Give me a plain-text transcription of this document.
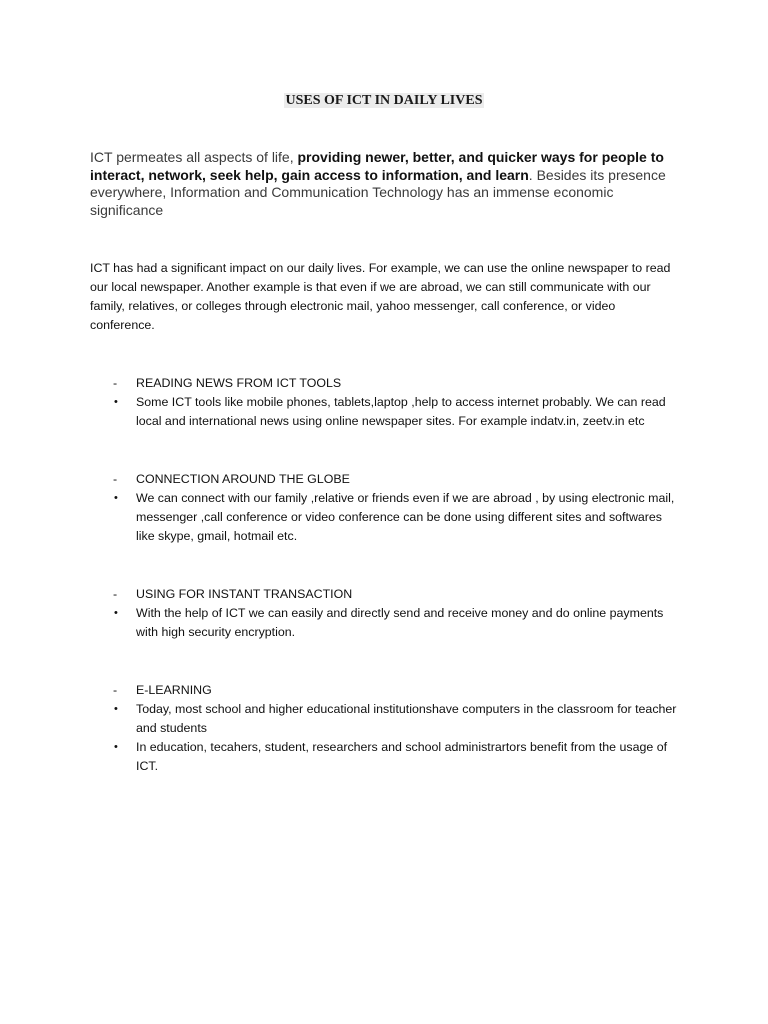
USES OF ICT IN DAILY LIVES
ICT permeates all aspects of life, providing newer, better, and quicker ways for people to interact, network, seek help, gain access to information, and learn. Besides its presence everywhere, Information and Communication Technology has an immense economic significance
ICT has had a significant impact on our daily lives. For example, we can use the online newspaper to read our local newspaper. Another example is that even if we are abroad, we can still communicate with our family, relatives, or colleges through electronic mail, yahoo messenger, call conference, or video conference.
- READING NEWS FROM ICT TOOLS
• Some ICT tools like mobile phones, tablets,laptop ,help to access internet probably. We can read local and international news using online newspaper sites. For example indatv.in, zeetv.in etc
- CONNECTION AROUND THE GLOBE
• We can connect with our family ,relative or friends even if we are abroad , by using electronic mail, messenger ,call conference or video conference can be done using different sites and softwares like skype, gmail, hotmail etc.
- USING FOR INSTANT TRANSACTION
• With the help of ICT we can easily and directly send and receive money and do online payments with high security encryption.
- E-LEARNING
• Today, most school and higher educational institutionshave computers in the classroom for teacher and students
• In education, tecahers, student, researchers and school administrartors benefit from the usage of ICT.
